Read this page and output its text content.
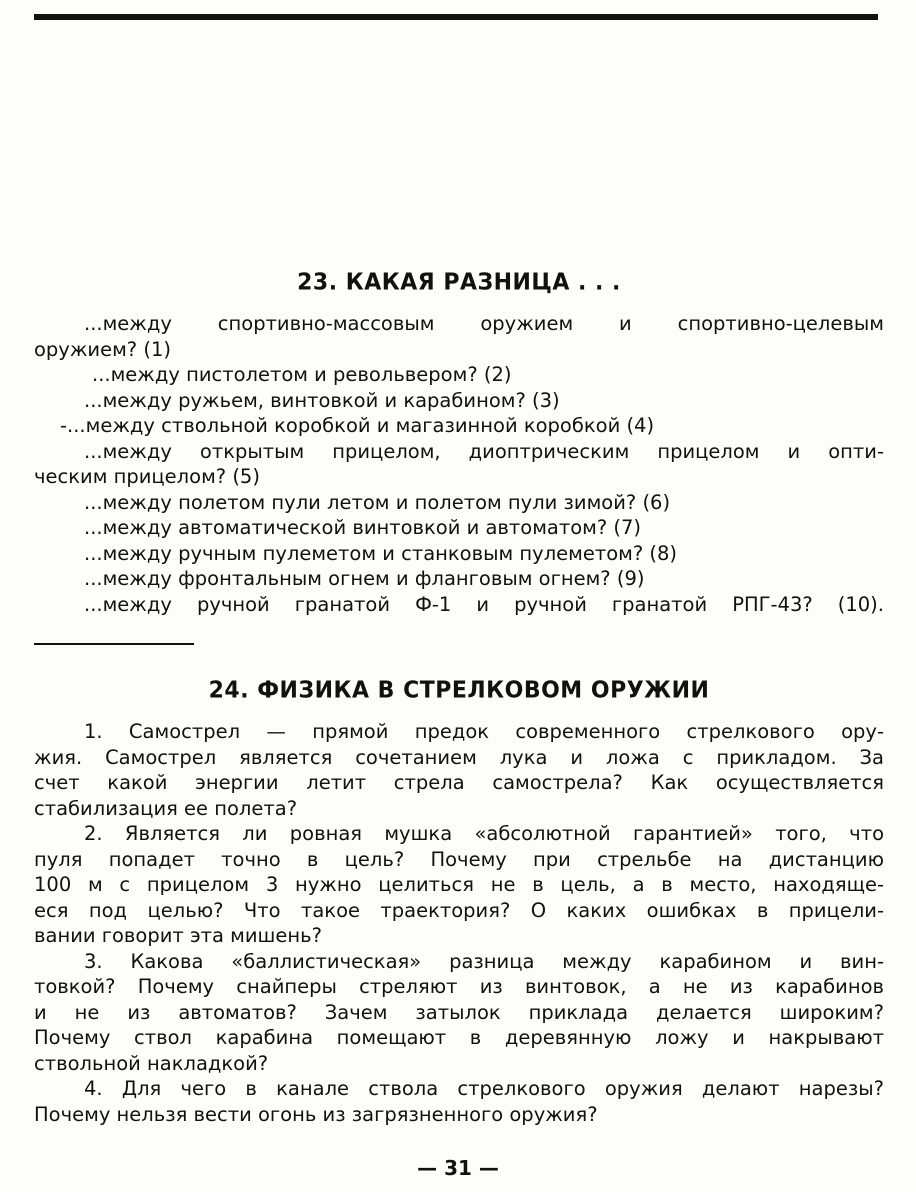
23. КАКАЯ РАЗНИЦА . . .
...между спортивно-массовым оружием и спортивно-целевым
оружием? (1)
...между пистолетом и револьвером? (2)
...между ружьем, винтовкой и карабином? (3)
-...между ствольной коробкой и магазинной коробкой (4)
...между открытым прицелом, диоптрическим прицелом и опти-
ческим прицелом? (5)
...между полетом пули летом и полетом пули зимой? (6)
...между автоматической винтовкой и автоматом? (7)
...между ручным пулеметом и станковым пулеметом? (8)
...между фронтальным огнем и фланговым огнем? (9)
...между ручной гранатой Ф-1 и ручной гранатой РПГ-43? (10).
24. ФИЗИКА В СТРЕЛКОВОМ ОРУЖИИ
1. Самострел — прямой предок современного стрелкового ору-
жия. Самострел является сочетанием лука и ложа с прикладом. За
счет какой энергии летит стрела самострела? Как осуществляется
стабилизация ее полета?
2. Является ли ровная мушка «абсолютной гарантией» того, что
пуля попадет точно в цель? Почему при стрельбе на дистанцию
100 м с прицелом 3 нужно целиться не в цель, а в место, находяще-
еся под целью? Что такое траектория? О каких ошибках в прицели-
вании говорит эта мишень?
3. Какова «баллистическая» разница между карабином и вин-
товкой? Почему снайперы стреляют из винтовок, а не из карабинов
и не из автоматов? Зачем затылок приклада делается широким?
Почему ствол карабина помещают в деревянную ложу и накрывают
ствольной накладкой?
4. Для чего в канале ствола стрелкового оружия делают нарезы?
Почему нельзя вести огонь из загрязненного оружия?
— 31 —
